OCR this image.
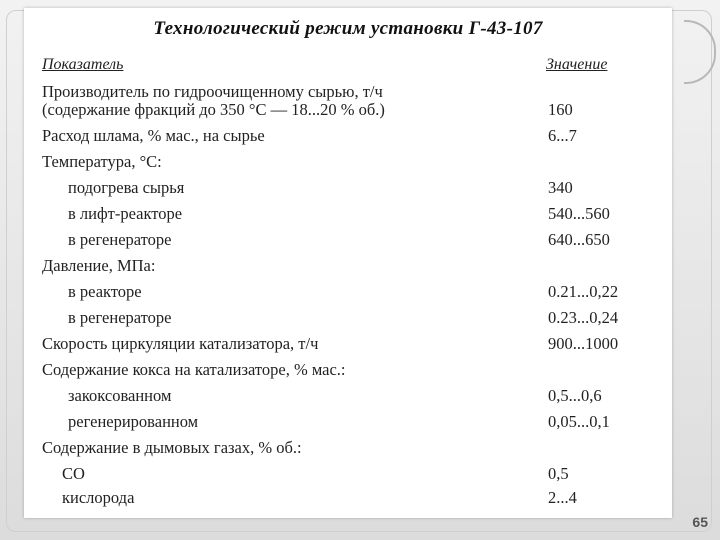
Технологический режим установки Г-43-107
Показатель	Значение
Производитель по гидроочищенному сырью, т/ч
(содержание фракций до 350 °С — 18...20 % об.)	160
Расход шлама, % мас., на сырье	6...7
Температура, °С:
подогрева сырья	340
в лифт-реакторе	540...560
в регенераторе	640...650
Давление, МПа:
в реакторе	0.21...0,22
в регенераторе	0.23...0,24
Скорость циркуляции катализатора, т/ч	900...1000
Содержание кокса на катализаторе, % мас.:
закоксованном	0,5...0,6
регенерированном	0,05...0,1
Содержание в дымовых газах, % об.:
CO	0,5
кислорода	2...4
65
